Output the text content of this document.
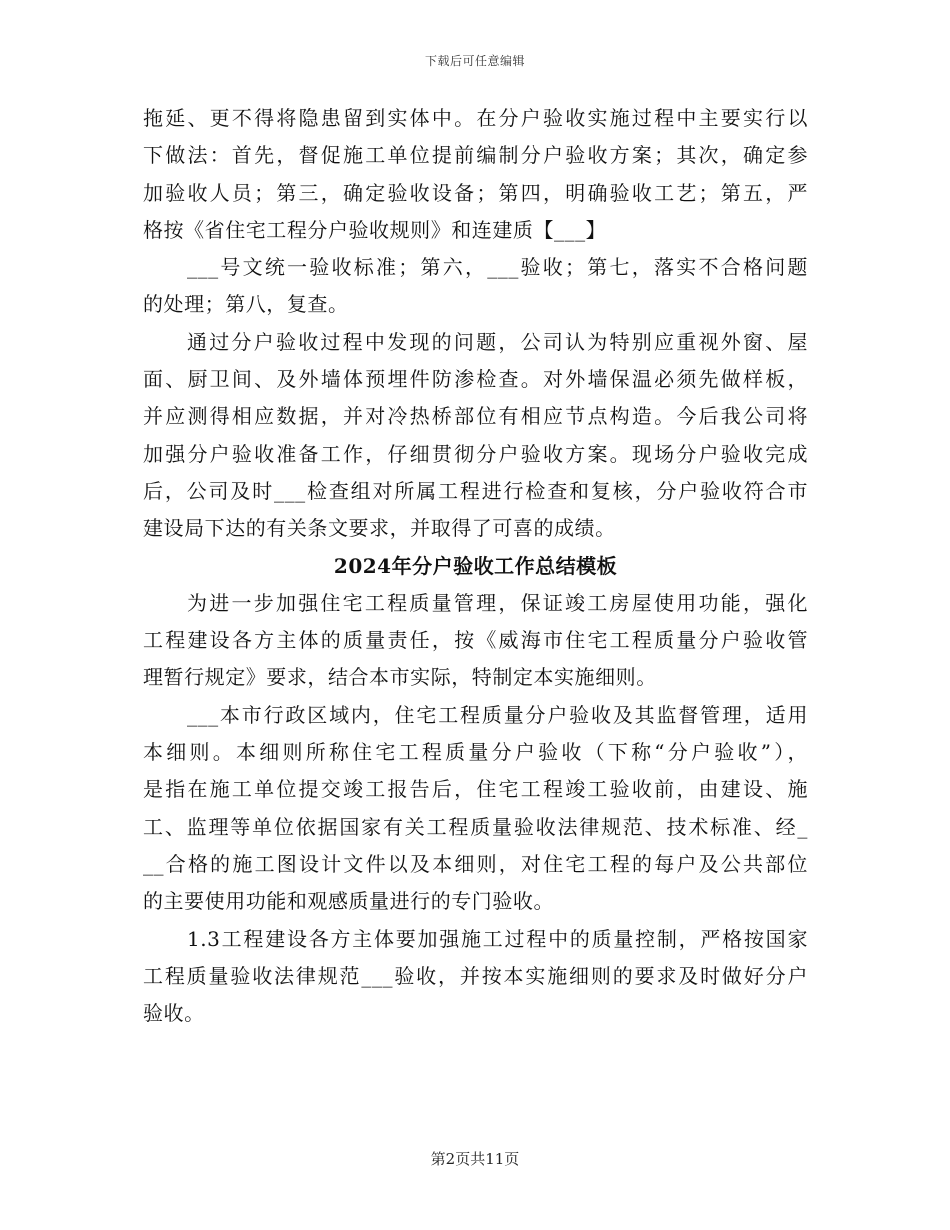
下载后可任意编辑
拖延、更不得将隐患留到实体中。在分户验收实施过程中主要实行以
下做法：首先，督促施工单位提前编制分户验收方案；其次，确定参
加验收人员；第三，确定验收设备；第四，明确验收工艺；第五，严
格按《省住宅工程分户验收规则》和连建质【___】
___号文统一验收标准；第六，___验收；第七，落实不合格问题
的处理；第八，复查。
通过分户验收过程中发现的问题，公司认为特别应重视外窗、屋
面、厨卫间、及外墙体预埋件防渗检查。对外墙保温必须先做样板，
并应测得相应数据，并对冷热桥部位有相应节点构造。今后我公司将
加强分户验收准备工作，仔细贯彻分户验收方案。现场分户验收完成
后，公司及时___检查组对所属工程进行检查和复核，分户验收符合市
建设局下达的有关条文要求，并取得了可喜的成绩。
2024年分户验收工作总结模板
为进一步加强住宅工程质量管理，保证竣工房屋使用功能，强化
工程建设各方主体的质量责任，按《威海市住宅工程质量分户验收管
理暂行规定》要求，结合本市实际，特制定本实施细则。
___本市行政区域内，住宅工程质量分户验收及其监督管理，适用
本细则。本细则所称住宅工程质量分户验收（下称“分户验收”），
是指在施工单位提交竣工报告后，住宅工程竣工验收前，由建设、施
工、监理等单位依据国家有关工程质量验收法律规范、技术标准、经_
__合格的施工图设计文件以及本细则，对住宅工程的每户及公共部位
的主要使用功能和观感质量进行的专门验收。
1.3工程建设各方主体要加强施工过程中的质量控制，严格按国家
工程质量验收法律规范___验收，并按本实施细则的要求及时做好分户
验收。
第2页共11页
